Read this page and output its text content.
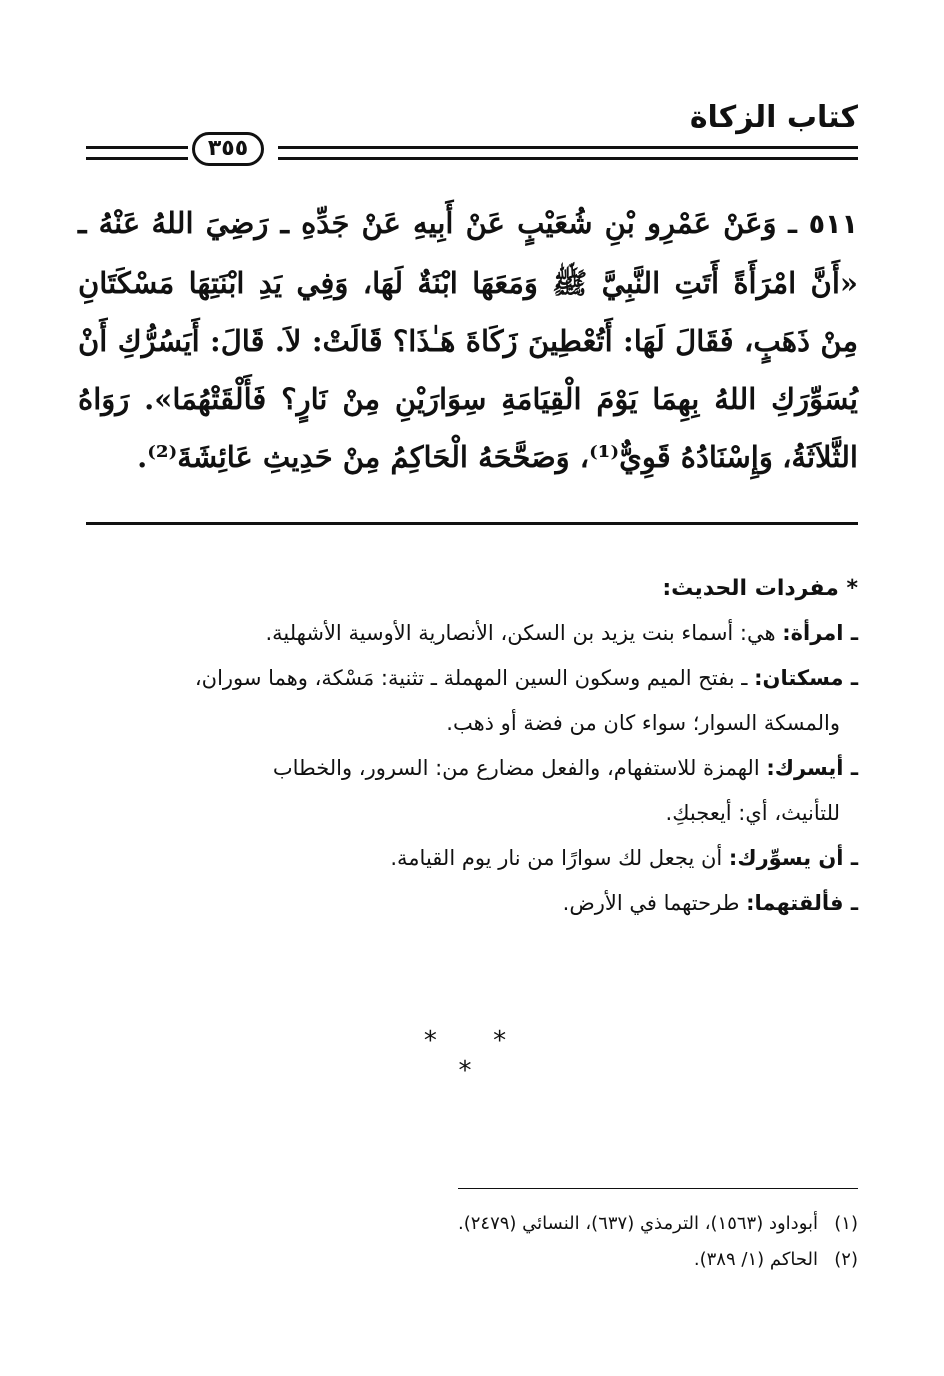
كتاب الزكاة
٣٥٥
٥١١ ـ وَعَنْ عَمْرِو بْنِ شُعَيْبٍ عَنْ أَبِيهِ عَنْ جَدِّهِ ـ رَضِيَ اللهُ عَنْهُ ـ «أَنَّ امْرَأَةً أَتَتِ النَّبِيَّ ﷺ وَمَعَهَا ابْنَةٌ لَهَا، وَفِي يَدِ ابْنَتِهَا مَسْكَتَانِ مِنْ ذَهَبٍ، فَقَالَ لَهَا: أَتُعْطِينَ زَكَاةَ هَـٰذَا؟ قَالَتْ: لاَ. قَالَ: أَيَسُرُّكِ أَنْ يُسَوِّرَكِ اللهُ بِهِمَا يَوْمَ الْقِيَامَةِ سِوَارَيْنِ مِنْ نَارٍ؟ فَأَلْقَتْهُمَا». رَوَاهُ الثَّلاَثَةُ، وَإِسْنَادُهُ قَوِيٌّ⁽¹⁾، وَصَحَّحَهُ الْحَاكِمُ مِنْ حَدِيثِ عَائِشَةَ⁽²⁾.
* مفردات الحديث:
ـ امرأة: هي: أسماء بنت يزيد بن السكن، الأنصارية الأوسية الأشهلية.
ـ مسكتان: ـ بفتح الميم وسكون السين المهملة ـ تثنية: مَسْكة، وهما سوران،
والمسكة السوار؛ سواء كان من فضة أو ذهب.
ـ أيسرك: الهمزة للاستفهام، والفعل مضارع من: السرور، والخطاب
للتأنيث، أي: أيعجبكِ.
ـ أن يسوِّرك: أن يجعل لك سوارًا من نار يوم القيامة.
ـ فألقتهما: طرحتهما في الأرض.
* * *
(١)أبوداود (١٥٦٣)، الترمذي (٦٣٧)، النسائي (٢٤٧٩).
(٢)الحاكم (١/ ٣٨٩).
